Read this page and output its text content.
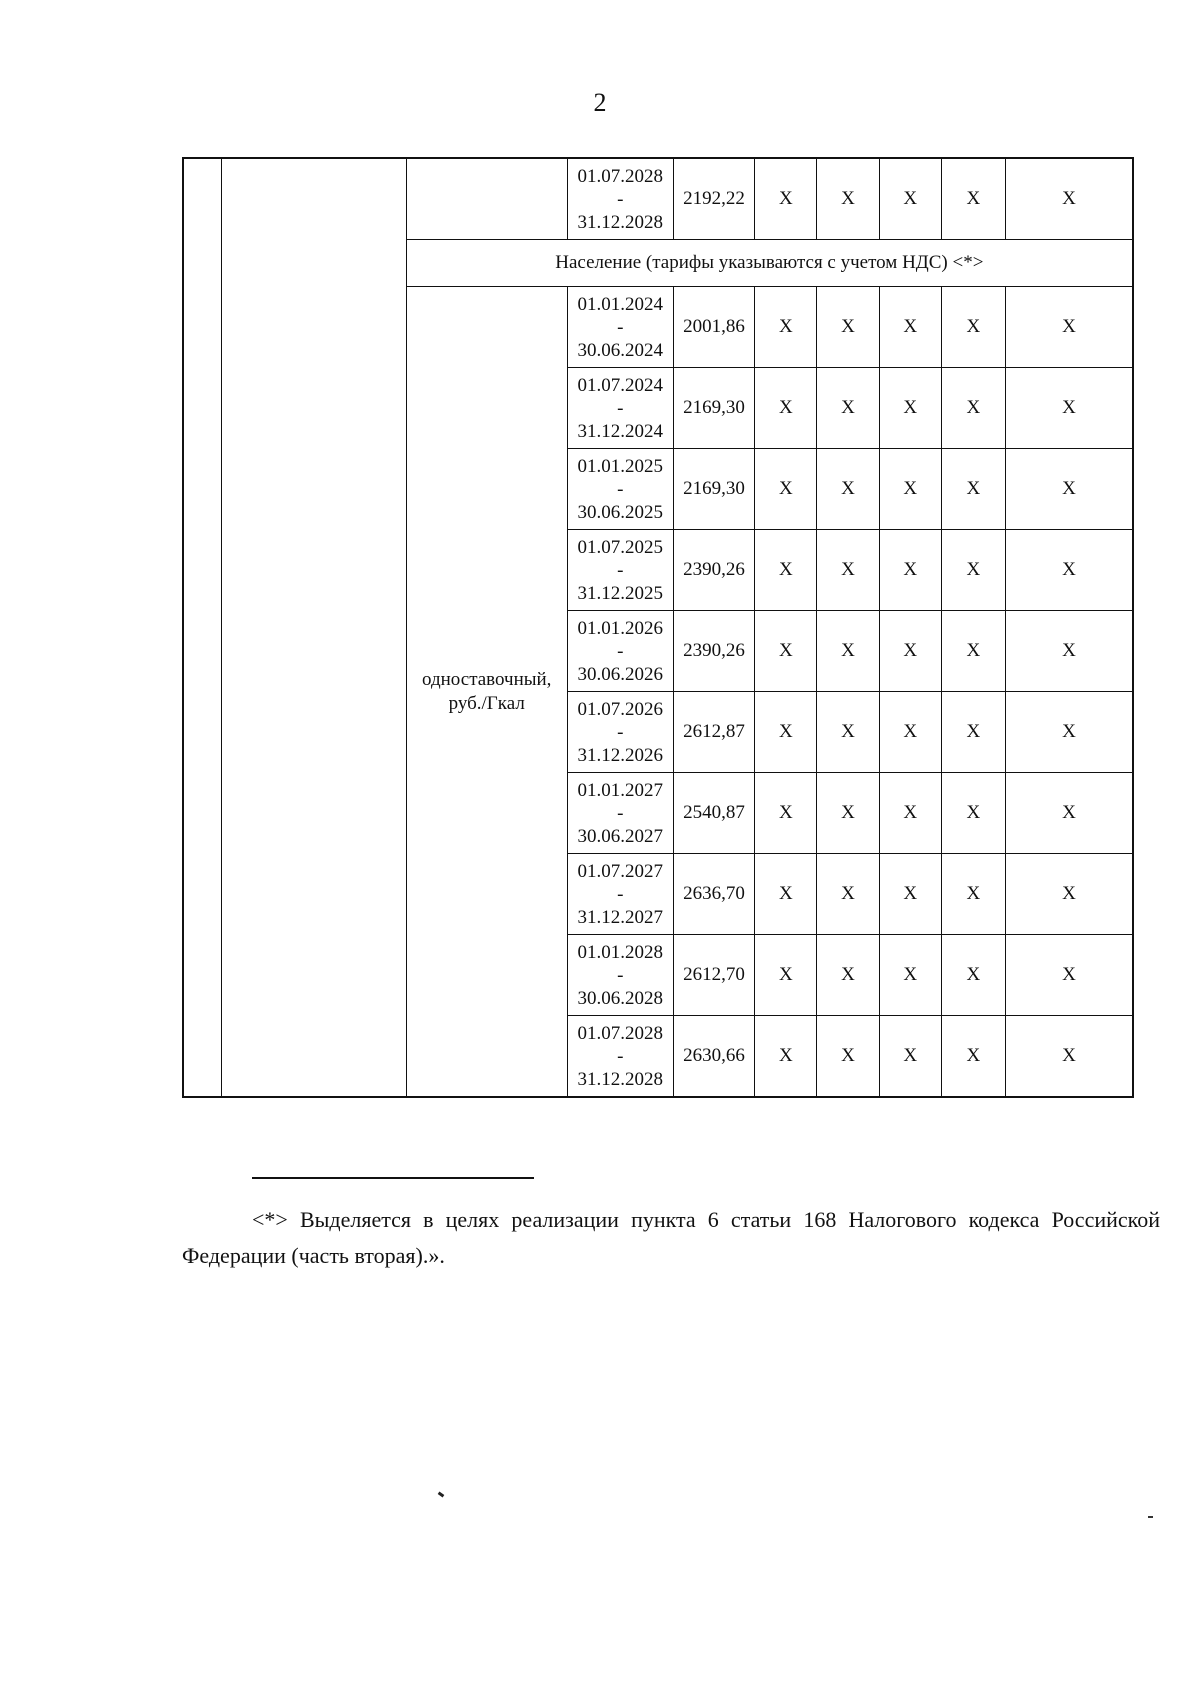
2

			01.07.2028
-
31.12.2028	2192,22	X	X	X	X	X
		Население (тарифы указываются с учетом НДС) <*>							
		одноставочный,
руб./Гкал	01.01.2024
-
30.06.2024	2001,86	X	X	X	X	X

			01.07.2024
-
31.12.2024	2169,30	X	X	X	X	X

			01.01.2025
-
30.06.2025	2169,30	X	X	X	X	X

			01.07.2025
-
31.12.2025	2390,26	X	X	X	X	X

			01.01.2026
-
30.06.2026	2390,26	X	X	X	X	X

			01.07.2026
-
31.12.2026	2612,87	X	X	X	X	X

			01.01.2027
-
30.06.2027	2540,87	X	X	X	X	X

			01.07.2027
-
31.12.2027	2636,70	X	X	X	X	X

			01.01.2028
-
30.06.2028	2612,70	X	X	X	X	X

			01.07.2028
-
31.12.2028	2630,66	X	X	X	X	X

<*> Выделяется в целях реализации пункта 6 статьи 168 Налогового кодекса Российской Федерации (часть вторая).».
